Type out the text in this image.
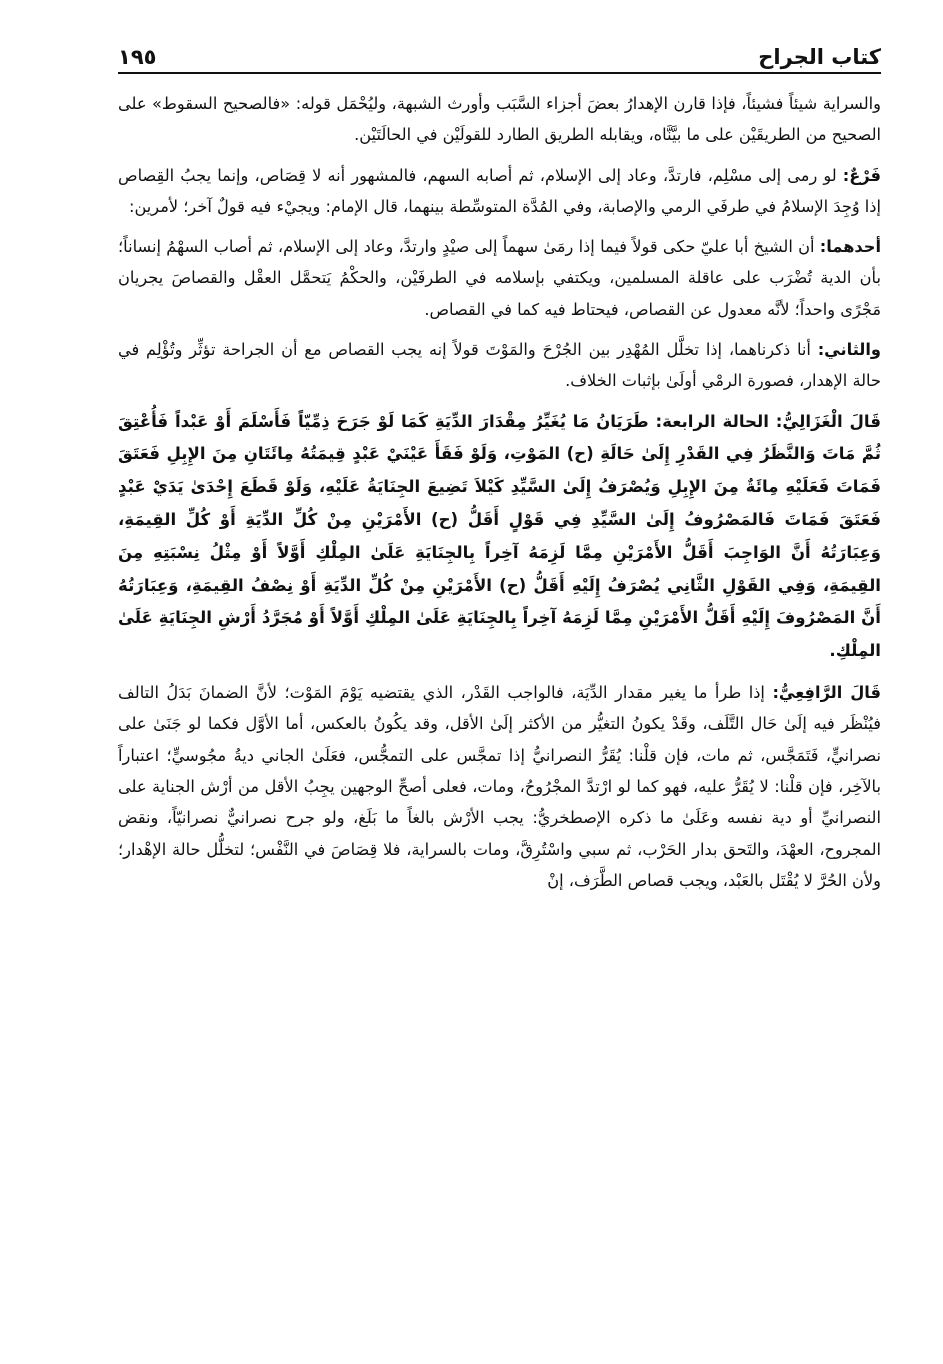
كتاب الجراح
١٩٥

والسراية شيئاً فشيئاً، فإذا قارن الإهدارُ بعضَ أجزاء السَّبَب وأورث الشبهة، وليُحْمَل قوله: «فالصحيح السقوط» على الصحيح من الطريقَيْن على ما بيَّنَّاه، ويقابله الطريق الطارد للقولَيْن في الحالَتَيْن.

فَرْعٌ: لو رمى إلى مسْلِم، فارتدَّ، وعاد إلى الإسلام، ثم أصابه السهم، فالمشهور أنه لا قِصَاص، وإنما يجبُ القِصاص إذا وُجِدَ الإسلامُ في طرفَي الرمي والإصابة، وفي المُدَّة المتوسِّطة بينهما، قال الإمام: ويجيْء فيه قولٌ آخر؛ لأمرين:

أحدهما: أن الشيخ أبا عليّ حكى قولاً فيما إذا رمَىٰ سهماً إلى صيْدٍ وارتدَّ، وعاد إلى الإسلام، ثم أصاب السهْمُ إنساناً؛ بأن الدية تُضْرَب على عاقلة المسلمين، ويكتفي بإسلامه في الطرفَيْن، والحكْمُ يَتحمَّل العقْل والقصاصَ يجريان مَجْرًى واحداً؛ لأنَّه معدول عن القصاص، فيحتاط فيه كما في القصاص.

والثاني: أنا ذكرناهما، إذا تخلَّل المُهْدِر بين الجُرْحَ والمَوْتَ قولاً إنه يجب القصاص مع أن الجراحة تؤثِّر وتُؤْلِم في حالة الإهدار، فصورة الرمْي أولَىٰ بإثبات الخلاف.

قَالَ الْغَزَالِيُّ: الحالة الرابعة: طَرَيَانُ مَا يُغَيِّرُ مِقْدَارَ الدِّيَةِ كَمَا لَوْ جَرَحَ ذِمِّيّاً فَأَسْلَمَ أَوْ عَبْداً فَأُعْتِقَ ثُمَّ مَاتَ وَالنَّظَرُ فِي القَدْرِ إِلَىٰ حَالَةِ (ح) المَوْتِ، وَلَوْ فَقَأَ عَيْنَيْ عَبْدٍ قِيمَتُهُ مِائَتَانِ مِنَ الإِبِلِ فَعَتَقَ فَمَاتَ فَعَلَيْهِ مِائَةٌ مِنَ الإِبِلِ وَيُصْرَفُ إِلَىٰ السَّيِّدِ كَيْلاَ تَضِيعَ الجِنَايَةُ عَلَيْهِ، وَلَوْ قَطَعَ إِحْدَىٰ يَدَيْ عَبْدٍ فَعَتَقَ فَمَاتَ فَالمَصْرُوفُ إِلَىٰ السَّيِّدِ فِي قَوْلٍ أَقَلُّ (ح) الأَمْرَيْنِ مِنْ كُلِّ الدِّيَةِ أَوْ كُلِّ القِيمَةِ، وَعِبَارَتُهُ أَنَّ الوَاجِبَ أَقَلُّ الأَمْرَيْنِ مِمَّا لَزِمَهُ آخِراً بِالجِنَايَةِ عَلَىٰ المِلْكِ أَوَّلاً أَوْ مِثْلُ نِسْبَتِهِ مِنَ القِيمَةِ، وَفِي القَوْلِ الثَّانِي يُصْرَفُ إِلَيْهِ أَقَلُّ (ح) الأَمْرَيْنِ مِنْ كُلِّ الدِّيَةِ أَوْ نِصْفُ القِيمَةِ، وَعِبَارَتُهُ أَنَّ المَصْرُوفَ إِلَيْهِ أَقَلُّ الأَمْرَيْنِ مِمَّا لَزِمَهُ آخِراً بِالجِنَايَةِ عَلَىٰ المِلْكِ أَوَّلاً أَوْ مُجَرَّدُ أَرْشِ الجِنَايَةِ عَلَىٰ المِلْكِ.

قَالَ الرَّافِعِيُّ: إذا طرأ ما يغير مقدار الدِّيَة، فالواجب القَدْر، الذي يقتضيه يَوْمَ المَوْت؛ لأنَّ الضمانَ بَدَلُ التالف فيُنْظَر فيه إلَىٰ حَال التَّلَف، وقَدْ يكونُ التغيُّر من الأكثر إلَىٰ الأقل، وقد يكُونُ بالعكس، أما الأوَّل فكما لو جَنَىٰ على نصرانيٍّ، فَتَمَجَّس، ثم مات، فإن قلْنا: يُقَرُّ النصرانيُّ إذا تمجَّس على التمجُّس، فعَلَىٰ الجاني ديةُ مجُوسيٍّ؛ اعتباراً بالآخِر، فإن قلْنا: لا يُقَرُّ عليه، فهو كما لو ارْتدَّ المجْرُوحُ، ومات، فعلى أصحِّ الوجهين يجِبُ الأقل من أرْش الجناية على النصرانيِّ أو دية نفسه وعَلَىٰ ما ذكره الإصطخريُّ: يجب الأرْش بالغاً ما بَلَغ، ولو جرح نصرانيٌّ نصرانيّاً، ونقض المجروح، العهْدَ، والتَحق بدار الحَرْب، ثم سبي واسْتُرِقَّ، ومات بالسراية، فلا قِصَاصَ في النَّفْس؛ لتخلُّل حالة الإهْدار؛ ولأن الحُرَّ لا يُقْتَل بالعَبْد، ويجب قصاص الطَّرَف، إنْ
